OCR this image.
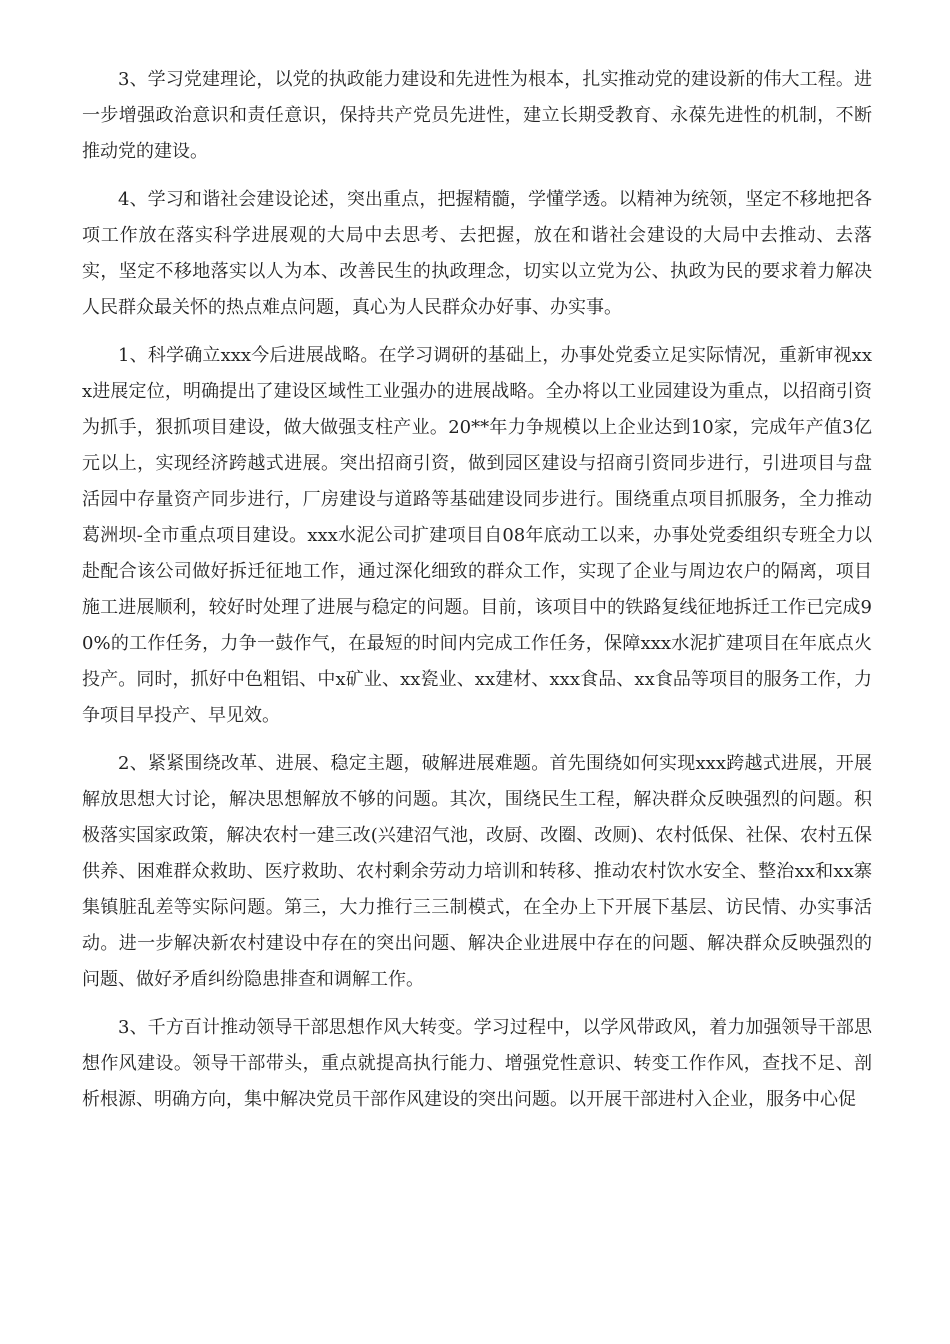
3、学习党建理论，以党的执政能力建设和先进性为根本，扎实推动党的建设新的伟大工程。进一步增强政治意识和责任意识，保持共产党员先进性，建立长期受教育、永葆先进性的机制，不断推动党的建设。

4、学习和谐社会建设论述，突出重点，把握精髓，学懂学透。以精神为统领，坚定不移地把各项工作放在落实科学进展观的大局中去思考、去把握，放在和谐社会建设的大局中去推动、去落实，坚定不移地落实以人为本、改善民生的执政理念，切实以立党为公、执政为民的要求着力解决人民群众最关怀的热点难点问题，真心为人民群众办好事、办实事。

1、科学确立xxx今后进展战略。在学习调研的基础上，办事处党委立足实际情况，重新审视xxx进展定位，明确提出了建设区域性工业强办的进展战略。全办将以工业园建设为重点，以招商引资为抓手，狠抓项目建设，做大做强支柱产业。20**年力争规模以上企业达到10家，完成年产值3亿元以上，实现经济跨越式进展。突出招商引资，做到园区建设与招商引资同步进行，引进项目与盘活园中存量资产同步进行，厂房建设与道路等基础建设同步进行。围绕重点项目抓服务，全力推动葛洲坝-全市重点项目建设。xxx水泥公司扩建项目自08年底动工以来，办事处党委组织专班全力以赴配合该公司做好拆迁征地工作，通过深化细致的群众工作，实现了企业与周边农户的隔离，项目施工进展顺利，较好时处理了进展与稳定的问题。目前，该项目中的铁路复线征地拆迁工作已完成90%的工作任务，力争一鼓作气，在最短的时间内完成工作任务，保障xxx水泥扩建项目在年底点火投产。同时，抓好中色粗铝、中x矿业、xx瓷业、xx建材、xxx食品、xx食品等项目的服务工作，力争项目早投产、早见效。

2、紧紧围绕改革、进展、稳定主题，破解进展难题。首先围绕如何实现xxx跨越式进展，开展解放思想大讨论，解决思想解放不够的问题。其次，围绕民生工程，解决群众反映强烈的问题。积极落实国家政策，解决农村一建三改(兴建沼气池，改厨、改圈、改厕)、农村低保、社保、农村五保供养、困难群众救助、医疗救助、农村剩余劳动力培训和转移、推动农村饮水安全、整治xx和xx寨集镇脏乱差等实际问题。第三，大力推行三三制模式，在全办上下开展下基层、访民情、办实事活动。进一步解决新农村建设中存在的突出问题、解决企业进展中存在的问题、解决群众反映强烈的问题、做好矛盾纠纷隐患排查和调解工作。

3、千方百计推动领导干部思想作风大转变。学习过程中，以学风带政风，着力加强领导干部思想作风建设。领导干部带头，重点就提高执行能力、增强党性意识、转变工作作风，查找不足、剖析根源、明确方向，集中解决党员干部作风建设的突出问题。以开展干部进村入企业，服务中心促
